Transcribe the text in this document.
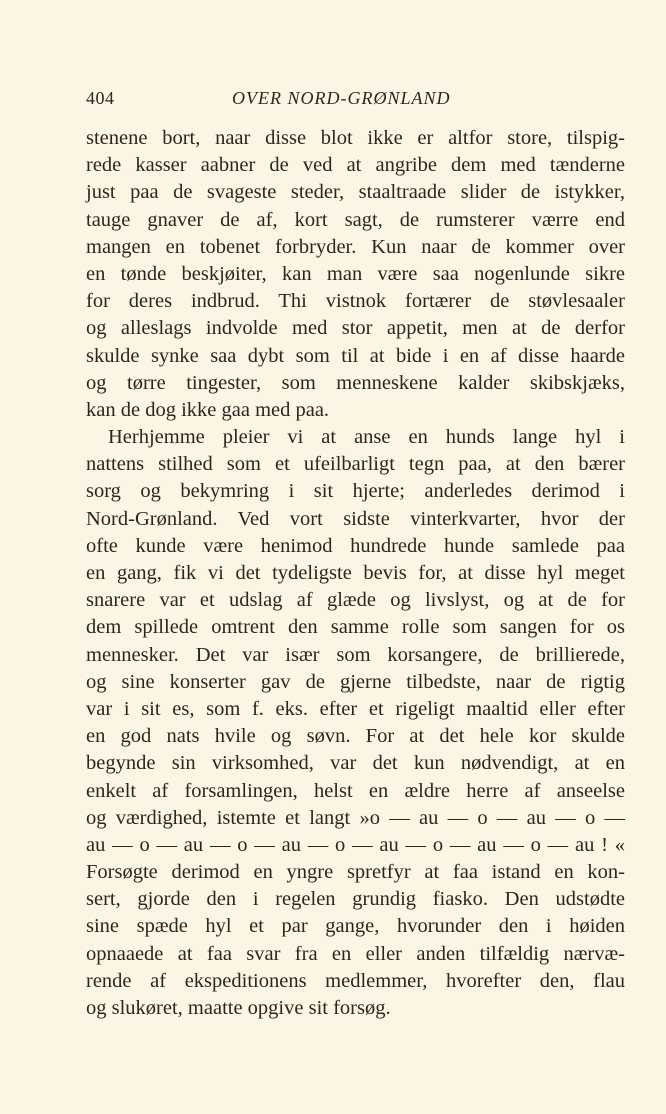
404	OVER NORD-GRØNLAND
stenene bort, naar disse blot ikke er altfor store, tilspig-
rede kasser aabner de ved at angribe dem med tænderne
just paa de svageste steder, staaltraade slider de istykker,
tauge gnaver de af, kort sagt, de rumsterer værre end
mangen en tobenet forbryder. Kun naar de kommer over
en tønde beskjøiter, kan man være saa nogenlunde sikre
for deres indbrud. Thi vistnok fortærer de støvlesaaler
og alleslags indvolde med stor appetit, men at de derfor
skulde synke saa dybt som til at bide i en af disse haarde
og tørre tingester, som menneskene kalder skibskjæks,
kan de dog ikke gaa med paa.
Herhjemme pleier vi at anse en hunds lange hyl i
nattens stilhed som et ufeilbarligt tegn paa, at den bærer
sorg og bekymring i sit hjerte; anderledes derimod i
Nord-Grønland. Ved vort sidste vinterkvarter, hvor der
ofte kunde være henimod hundrede hunde samlede paa
en gang, fik vi det tydeligste bevis for, at disse hyl meget
snarere var et udslag af glæde og livslyst, og at de for
dem spillede omtrent den samme rolle som sangen for os
mennesker. Det var især som korsangere, de brillierede,
og sine konserter gav de gjerne tilbedste, naar de rigtig
var i sit es, som f. eks. efter et rigeligt maaltid eller efter
en god nats hvile og søvn. For at det hele kor skulde
begynde sin virksomhed, var det kun nødvendigt, at en
enkelt af forsamlingen, helst en ældre herre af anseelse
og værdighed, istemte et langt »o — au — o — au — o —
au — o — au — o — au — o — au — o — au — o — au ! «
Forsøgte derimod en yngre spretfyr at faa istand en kon-
sert, gjorde den i regelen grundig fiasko. Den udstødte
sine spæde hyl et par gange, hvorunder den i høiden
opnaaede at faa svar fra en eller anden tilfældig nærvæ-
rende af ekspeditionens medlemmer, hvorefter den, flau
og slukøret, maatte opgive sit forsøg.
